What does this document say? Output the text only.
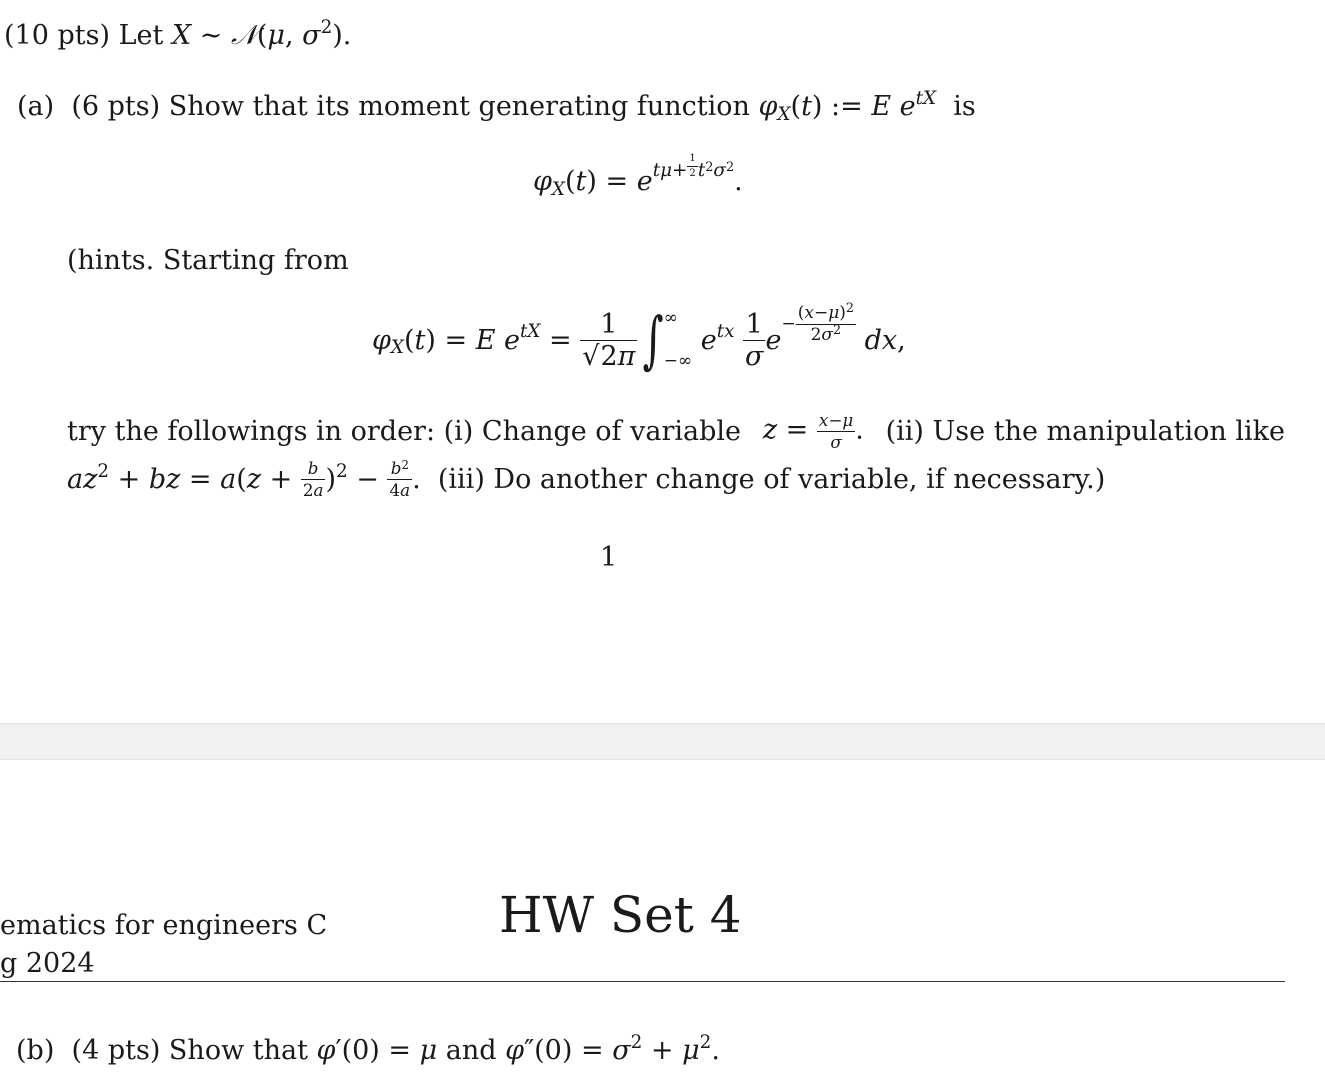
(10 pts) Let X ∼ 𝒩(μ, $\sigma^2$).
(a) (6 pts) Show that its moment generating function φX(t) := E $e^{tX}$ is
$\varphi X(t) = e^{t\mu+ \frac{1}{2} t^2\sigma^2}$.
(hints. Starting from
φX(t) = E $e^{tX} = \frac{1}{√2\pi}$ ∫ ∞
−∞
$e^{tx} \frac{1}{\sigma}$ e
− $\frac{(x-\mu)^2}{2\sigma^2}$ dx,
try the followings in order: (i) Change of variable $z = \frac{x-\mu}{\sigma}$ . (ii) Use the manipulation like
$az^2$ + bz = $a(z + \frac{b}{2a} )^2 - \frac{b^2}{4a}$ .  (iii) Do another change of variable, if necessary.)
1
ematics for engineers C
g 2024
HW Set 4
(b) (4 pts) Show that φ′(0) = μ and $\varphi''(0) = \sigma^2 + \mu^2$.
